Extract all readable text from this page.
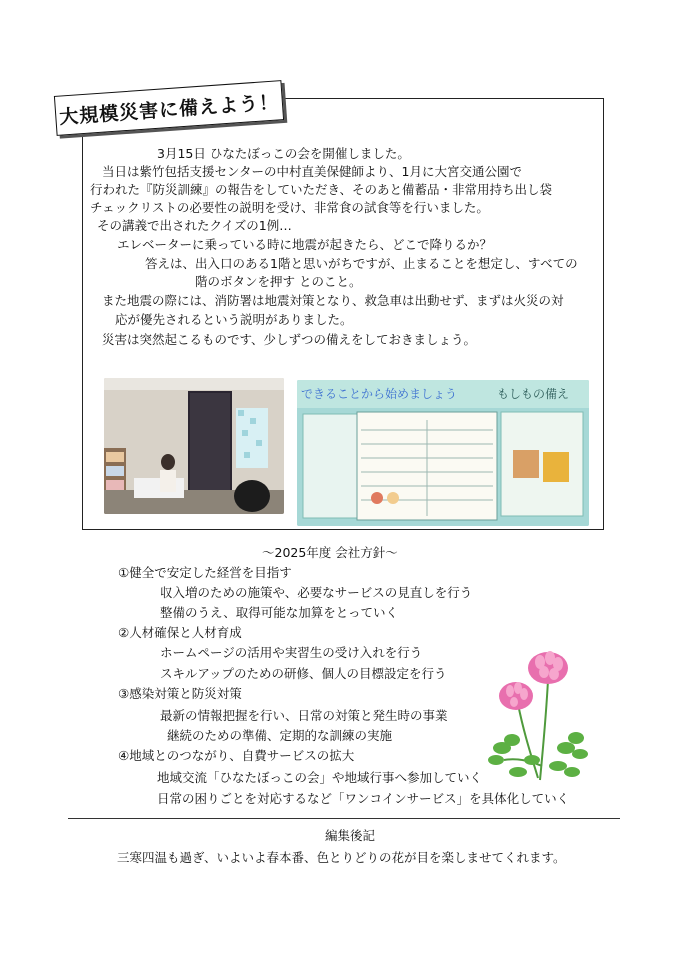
大規模災害に備えよう！
3月15日 ひなたぼっこの会を開催しました。
当日は紫竹包括支援センターの中村直美保健師より、1月に大宮交通公園で
行われた『防災訓練』の報告をしていただき、そのあと備蓄品・非常用持ち出し袋
チェックリストの必要性の説明を受け、非常食の試食等を行いました。
その講義で出されたクイズの1例…
エレベーターに乗っている時に地震が起きたら、どこで降りるか？
答えは、出入口のある1階と思いがちですが、止まることを想定し、すべての
階のボタンを押す とのこと。
また地震の際には、消防署は地震対策となり、救急車は出動せず、まずは火災の対
応が優先されるという説明がありました。
災害は突然起こるものです、少しずつの備えをしておきましょう。
できることから始めましょう	もしもの備え
～2025年度 会社方針～
①健全で安定した経営を目指す
収入増のための施策や、必要なサービスの見直しを行う
整備のうえ、取得可能な加算をとっていく
②人材確保と人材育成
ホームページの活用や実習生の受け入れを行う
スキルアップのための研修、個人の目標設定を行う
③感染対策と防災対策
最新の情報把握を行い、日常の対策と発生時の事業
継続のための準備、定期的な訓練の実施
④地域とのつながり、自費サービスの拡大
地域交流「ひなたぼっこの会」や地域行事へ参加していく
日常の困りごとを対応するなど「ワンコインサービス」を具体化していく
編集後記
三寒四温も過ぎ、いよいよ春本番、色とりどりの花が目を楽しませてくれます。
